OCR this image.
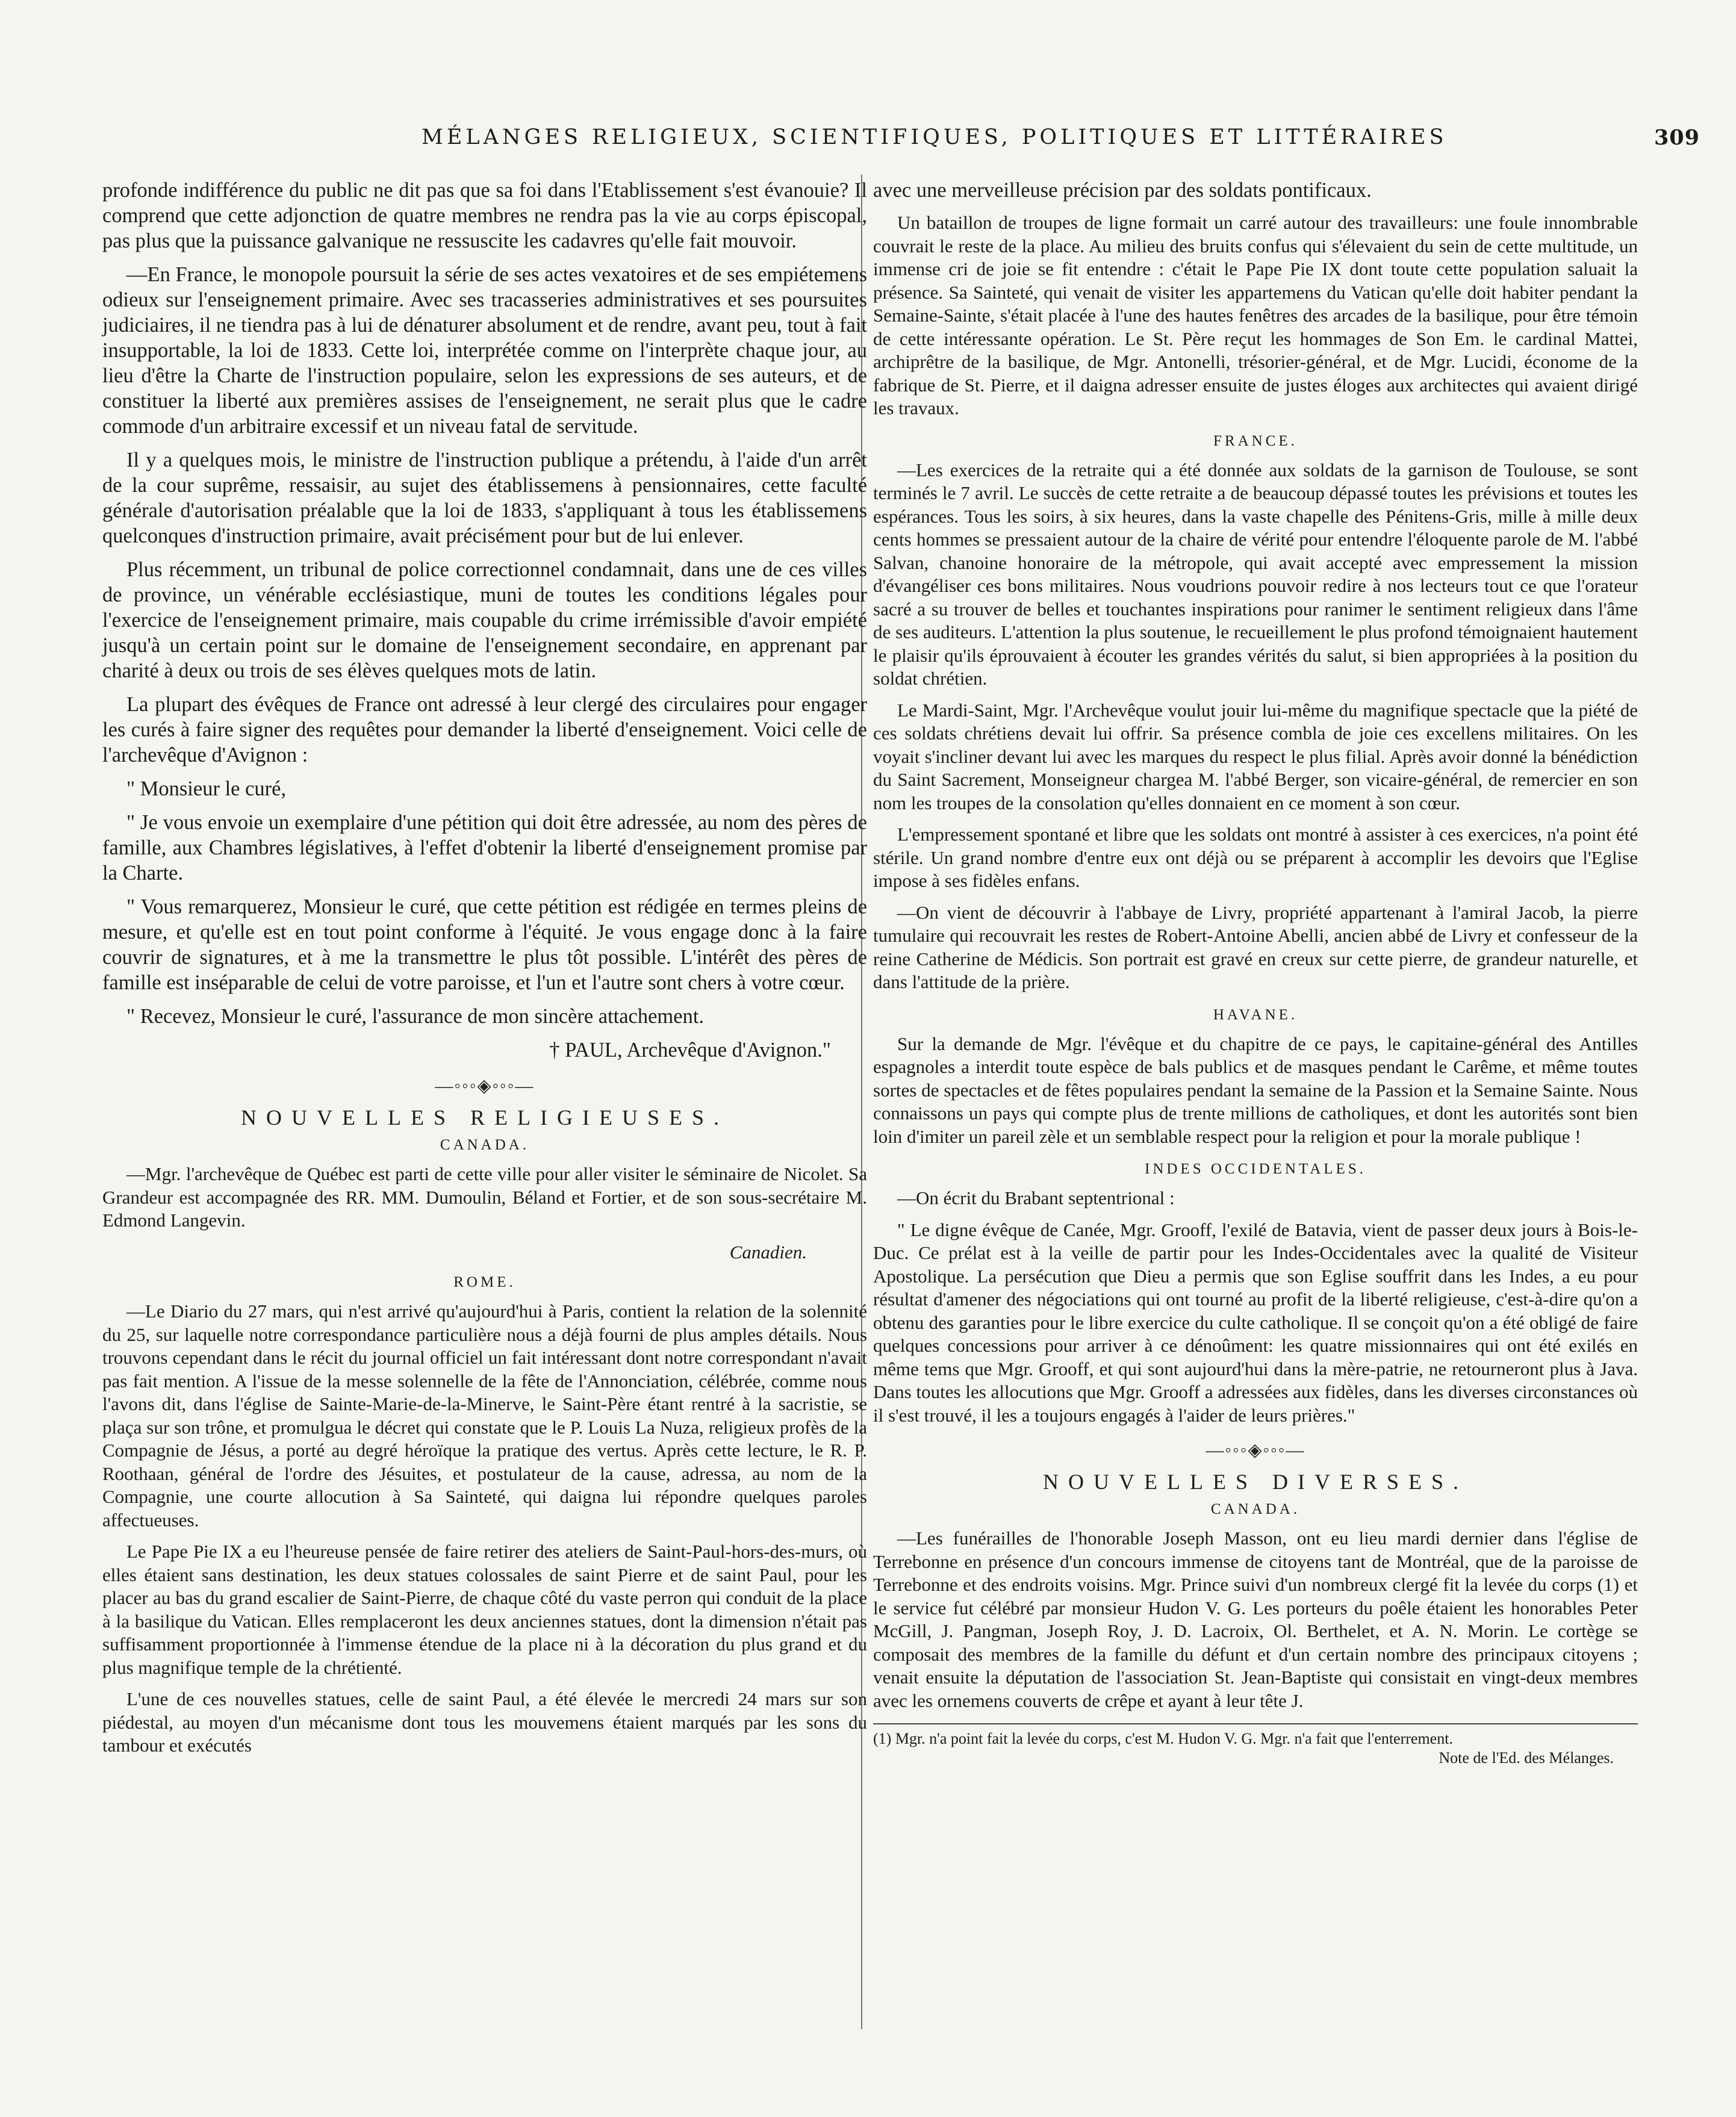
MÉLANGES RELIGIEUX, SCIENTIFIQUES, POLITIQUES ET LITTÉRAIRES	309

profonde indifférence du public ne dit pas que sa foi dans l'Etablissement s'est évanouie? Il comprend que cette adjonction de quatre membres ne rendra pas la vie au corps épiscopal, pas plus que la puissance galvanique ne ressuscite les cadavres qu'elle fait mouvoir.

—En France, le monopole poursuit la série de ses actes vexatoires et de ses empiétemens odieux sur l'enseignement primaire. Avec ses tracasseries administratives et ses poursuites judiciaires, il ne tiendra pas à lui de dénaturer absolument et de rendre, avant peu, tout à fait insupportable, la loi de 1833. Cette loi, interprétée comme on l'interprète chaque jour, au lieu d'être la Charte de l'instruction populaire, selon les expressions de ses auteurs, et de constituer la liberté aux premières assises de l'enseignement, ne serait plus que le cadre commode d'un arbitraire excessif et un niveau fatal de servitude.

Il y a quelques mois, le ministre de l'instruction publique a prétendu, à l'aide d'un arrêt de la cour suprême, ressaisir, au sujet des établissemens à pensionnaires, cette faculté générale d'autorisation préalable que la loi de 1833, s'appliquant à tous les établissemens quelconques d'instruction primaire, avait précisément pour but de lui enlever.

Plus récemment, un tribunal de police correctionnel condamnait, dans une de ces villes de province, un vénérable ecclésiastique, muni de toutes les conditions légales pour l'exercice de l'enseignement primaire, mais coupable du crime irrémissible d'avoir empiété jusqu'à un certain point sur le domaine de l'enseignement secondaire, en apprenant par charité à deux ou trois de ses élèves quelques mots de latin.

La plupart des évêques de France ont adressé à leur clergé des circulaires pour engager les curés à faire signer des requêtes pour demander la liberté d'enseignement. Voici celle de l'archevêque d'Avignon :

" Monsieur le curé,

" Je vous envoie un exemplaire d'une pétition qui doit être adressée, au nom des pères de famille, aux Chambres législatives, à l'effet d'obtenir la liberté d'enseignement promise par la Charte.

" Vous remarquerez, Monsieur le curé, que cette pétition est rédigée en termes pleins de mesure, et qu'elle est en tout point conforme à l'équité. Je vous engage donc à la faire couvrir de signatures, et à me la transmettre le plus tôt possible. L'intérêt des pères de famille est inséparable de celui de votre paroisse, et l'un et l'autre sont chers à votre cœur.

" Recevez, Monsieur le curé, l'assurance de mon sincère attachement.

† PAUL, Archevêque d'Avignon."
—◦◦◦◈◦◦◦—
NOUVELLES RELIGIEUSES.
CANADA.

—Mgr. l'archevêque de Québec est parti de cette ville pour aller visiter le séminaire de Nicolet. Sa Grandeur est accompagnée des RR. MM. Dumoulin, Béland et Fortier, et de son sous-secrétaire M. Edmond Langevin.

Canadien.
ROME.

—Le Diario du 27 mars, qui n'est arrivé qu'aujourd'hui à Paris, contient la relation de la solennité du 25, sur laquelle notre correspondance particulière nous a déjà fourni de plus amples détails. Nous trouvons cependant dans le récit du journal officiel un fait intéressant dont notre correspondant n'avait pas fait mention. A l'issue de la messe solennelle de la fête de l'Annonciation, célébrée, comme nous l'avons dit, dans l'église de Sainte-Marie-de-la-Minerve, le Saint-Père étant rentré à la sacristie, se plaça sur son trône, et promulgua le décret qui constate que le P. Louis La Nuza, religieux profès de la Compagnie de Jésus, a porté au degré héroïque la pratique des vertus. Après cette lecture, le R. P. Roothaan, général de l'ordre des Jésuites, et postulateur de la cause, adressa, au nom de la Compagnie, une courte allocution à Sa Sainteté, qui daigna lui répondre quelques paroles affectueuses.

Le Pape Pie IX a eu l'heureuse pensée de faire retirer des ateliers de Saint-Paul-hors-des-murs, où elles étaient sans destination, les deux statues colossales de saint Pierre et de saint Paul, pour les placer au bas du grand escalier de Saint-Pierre, de chaque côté du vaste perron qui conduit de la place à la basilique du Vatican. Elles remplaceront les deux anciennes statues, dont la dimension n'était pas suffisamment proportionnée à l'immense étendue de la place ni à la décoration du plus grand et du plus magnifique temple de la chrétienté.

L'une de ces nouvelles statues, celle de saint Paul, a été élevée le mercredi 24 mars sur son piédestal, au moyen d'un mécanisme dont tous les mouvemens étaient marqués par les sons du tambour et exécutés

avec une merveilleuse précision par des soldats pontificaux.

Un bataillon de troupes de ligne formait un carré autour des travailleurs: une foule innombrable couvrait le reste de la place. Au milieu des bruits confus qui s'élevaient du sein de cette multitude, un immense cri de joie se fit entendre : c'était le Pape Pie IX dont toute cette population saluait la présence. Sa Sainteté, qui venait de visiter les appartemens du Vatican qu'elle doit habiter pendant la Semaine-Sainte, s'était placée à l'une des hautes fenêtres des arcades de la basilique, pour être témoin de cette intéressante opération. Le St. Père reçut les hommages de Son Em. le cardinal Mattei, archiprêtre de la basilique, de Mgr. Antonelli, trésorier-général, et de Mgr. Lucidi, économe de la fabrique de St. Pierre, et il daigna adresser ensuite de justes éloges aux architectes qui avaient dirigé les travaux.

FRANCE.

—Les exercices de la retraite qui a été donnée aux soldats de la garnison de Toulouse, se sont terminés le 7 avril. Le succès de cette retraite a de beaucoup dépassé toutes les prévisions et toutes les espérances. Tous les soirs, à six heures, dans la vaste chapelle des Pénitens-Gris, mille à mille deux cents hommes se pressaient autour de la chaire de vérité pour entendre l'éloquente parole de M. l'abbé Salvan, chanoine honoraire de la métropole, qui avait accepté avec empressement la mission d'évangéliser ces bons militaires. Nous voudrions pouvoir redire à nos lecteurs tout ce que l'orateur sacré a su trouver de belles et touchantes inspirations pour ranimer le sentiment religieux dans l'âme de ses auditeurs. L'attention la plus soutenue, le recueillement le plus profond témoignaient hautement le plaisir qu'ils éprouvaient à écouter les grandes vérités du salut, si bien appropriées à la position du soldat chrétien.

Le Mardi-Saint, Mgr. l'Archevêque voulut jouir lui-même du magnifique spectacle que la piété de ces soldats chrétiens devait lui offrir. Sa présence combla de joie ces excellens militaires. On les voyait s'incliner devant lui avec les marques du respect le plus filial. Après avoir donné la bénédiction du Saint Sacrement, Monseigneur chargea M. l'abbé Berger, son vicaire-général, de remercier en son nom les troupes de la consolation qu'elles donnaient en ce moment à son cœur.

L'empressement spontané et libre que les soldats ont montré à assister à ces exercices, n'a point été stérile. Un grand nombre d'entre eux ont déjà ou se préparent à accomplir les devoirs que l'Eglise impose à ses fidèles enfans.

—On vient de découvrir à l'abbaye de Livry, propriété appartenant à l'amiral Jacob, la pierre tumulaire qui recouvrait les restes de Robert-Antoine Abelli, ancien abbé de Livry et confesseur de la reine Catherine de Médicis. Son portrait est gravé en creux sur cette pierre, de grandeur naturelle, et dans l'attitude de la prière.

HAVANE.

Sur la demande de Mgr. l'évêque et du chapitre de ce pays, le capitaine-général des Antilles espagnoles a interdit toute espèce de bals publics et de masques pendant le Carême, et même toutes sortes de spectacles et de fêtes populaires pendant la semaine de la Passion et la Semaine Sainte. Nous connaissons un pays qui compte plus de trente millions de catholiques, et dont les autorités sont bien loin d'imiter un pareil zèle et un semblable respect pour la religion et pour la morale publique !

INDES OCCIDENTALES.

—On écrit du Brabant septentrional :

" Le digne évêque de Canée, Mgr. Grooff, l'exilé de Batavia, vient de passer deux jours à Bois-le-Duc. Ce prélat est à la veille de partir pour les Indes-Occidentales avec la qualité de Visiteur Apostolique. La persécution que Dieu a permis que son Eglise souffrit dans les Indes, a eu pour résultat d'amener des négociations qui ont tourné au profit de la liberté religieuse, c'est-à-dire qu'on a obtenu des garanties pour le libre exercice du culte catholique. Il se conçoit qu'on a été obligé de faire quelques concessions pour arriver à ce dénoûment: les quatre missionnaires qui ont été exilés en même tems que Mgr. Grooff, et qui sont aujourd'hui dans la mère-patrie, ne retourneront plus à Java. Dans toutes les allocutions que Mgr. Grooff a adressées aux fidèles, dans les diverses circonstances où il s'est trouvé, il les a toujours engagés à l'aider de leurs prières."

—◦◦◦◈◦◦◦—
NOUVELLES DIVERSES.
CANADA.

—Les funérailles de l'honorable Joseph Masson, ont eu lieu mardi dernier dans l'église de Terrebonne en présence d'un concours immense de citoyens tant de Montréal, que de la paroisse de Terrebonne et des endroits voisins. Mgr. Prince suivi d'un nombreux clergé fit la levée du corps (1) et le service fut célébré par monsieur Hudon V. G. Les porteurs du poêle étaient les honorables Peter McGill, J. Pangman, Joseph Roy, J. D. Lacroix, Ol. Berthelet, et A. N. Morin. Le cortège se composait des membres de la famille du défunt et d'un certain nombre des principaux citoyens ; venait ensuite la députation de l'association St. Jean-Baptiste qui consistait en vingt-deux membres avec les ornemens couverts de crêpe et ayant à leur tête J.

(1) Mgr. n'a point fait la levée du corps, c'est M. Hudon V. G. Mgr. n'a fait que l'enterrement.
Note de l'Ed. des Mélanges.
